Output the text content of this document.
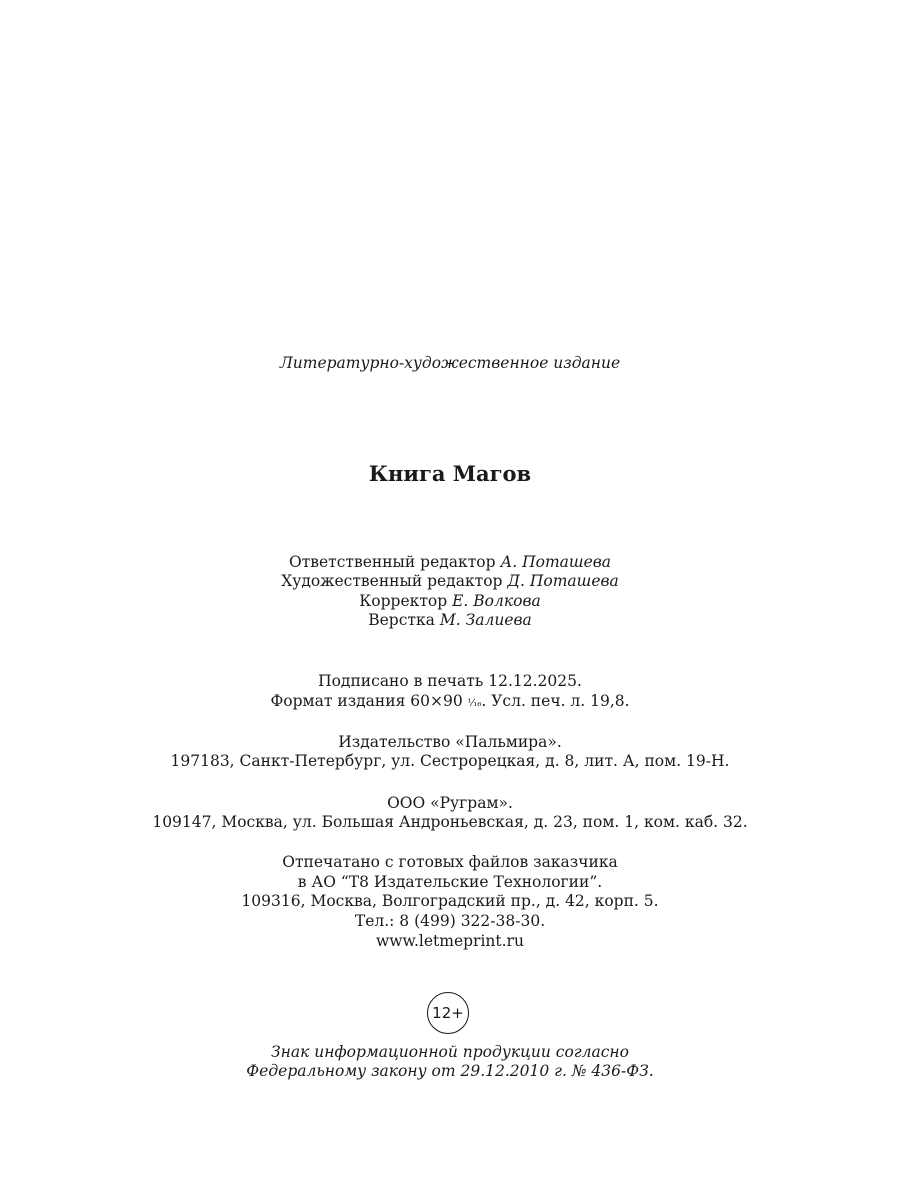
Литературно-художественное издание
Книга Магов
Ответственный редактор А. Поташева
Художественный редактор Д. Поташева
Корректор Е. Волкова
Верстка М. Залиева
Подписано в печать 12.12.2025.
Формат издания 60×90 ¹⁄₁₆. Усл. печ. л. 19,8.
Издательство «Пальмира».
197183, Санкт-Петербург, ул. Сестрорецкая, д. 8, лит. А, пом. 19-Н.
ООО «Руграм».
109147, Москва, ул. Большая Андроньевская, д. 23, пом. 1, ком. каб. 32.
Отпечатано с готовых файлов заказчика
в АО “Т8 Издательские Технологии”.
109316, Москва, Волгоградский пр., д. 42, корп. 5.
Тел.: 8 (499) 322-38-30.
www.letmeprint.ru
12+
Знак информационной продукции согласно
Федеральному закону от 29.12.2010 г. № 436-ФЗ.
